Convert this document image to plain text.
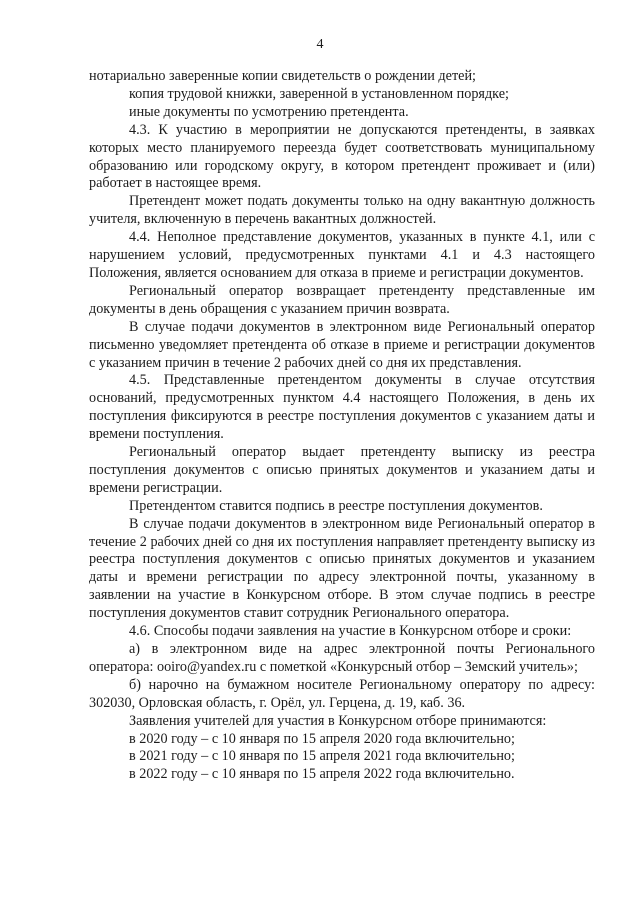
4

нотариально заверенные копии свидетельств о рождении детей;

копия трудовой книжки, заверенной в установленном порядке;

иные документы по усмотрению претендента.

4.3. К участию в мероприятии не допускаются претенденты, в заявках которых место планируемого переезда будет соответствовать муниципальному образованию или городскому округу, в котором претендент проживает и (или) работает в настоящее время.

Претендент может подать документы только на одну вакантную должность учителя, включенную в перечень вакантных должностей.

4.4. Неполное представление документов, указанных в пункте 4.1, или с нарушением условий, предусмотренных пунктами 4.1 и 4.3 настоящего Положения, является основанием для отказа в приеме и регистрации документов.

Региональный оператор возвращает претенденту представленные им документы в день обращения с указанием причин возврата.

В случае подачи документов в электронном виде Региональный оператор письменно уведомляет претендента об отказе в приеме и регистрации документов с указанием причин в течение 2 рабочих дней со дня их представления.

4.5. Представленные претендентом документы в случае отсутствия оснований, предусмотренных пунктом 4.4 настоящего Положения, в день их поступления фиксируются в реестре поступления документов с указанием даты и времени поступления.

Региональный оператор выдает претенденту выписку из реестра поступления документов с описью принятых документов и указанием даты и времени регистрации.

Претендентом ставится подпись в реестре поступления документов.

В случае подачи документов в электронном виде Региональный оператор в течение 2 рабочих дней со дня их поступления направляет претенденту выписку из реестра поступления документов с описью принятых документов и указанием даты и времени регистрации по адресу электронной почты, указанному в заявлении на участие в Конкурсном отборе. В этом случае подпись в реестре поступления документов ставит сотрудник Регионального оператора.

4.6. Способы подачи заявления на участие в Конкурсном отборе и сроки:

а) в электронном виде на адрес электронной почты Регионального оператора: ooiro@yandex.ru с пометкой «Конкурсный отбор – Земский учитель»;

б) нарочно на бумажном носителе Региональному оператору по адресу: 302030, Орловская область, г. Орёл, ул. Герцена, д. 19, каб. 36.

Заявления учителей для участия в Конкурсном отборе принимаются:

в 2020 году – с 10 января по 15 апреля 2020 года включительно;

в 2021 году – с 10 января по 15 апреля 2021 года включительно;

в 2022 году – с 10 января по 15 апреля 2022 года включительно.
